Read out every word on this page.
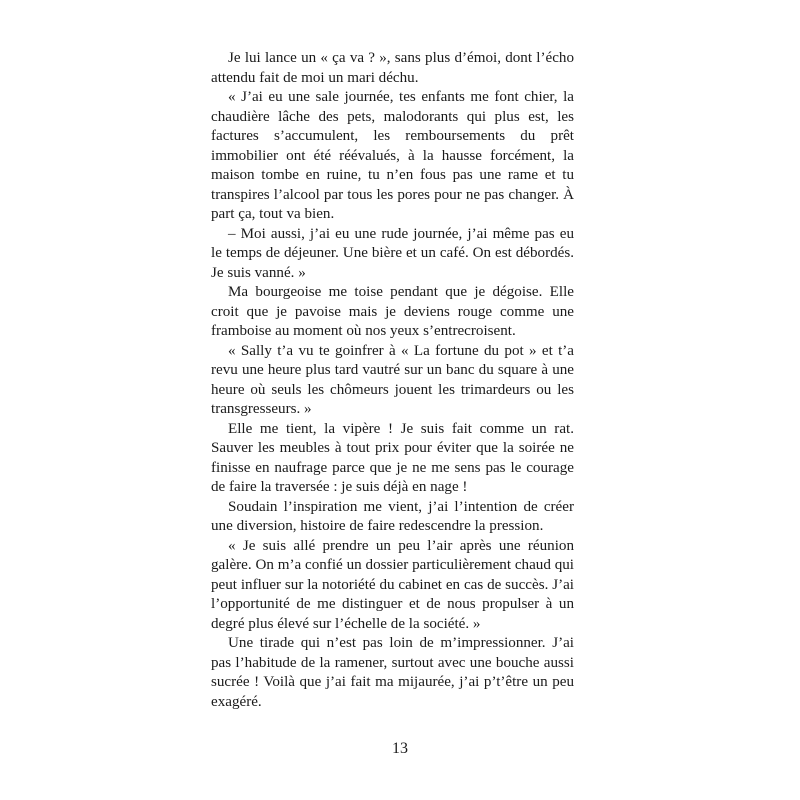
Je lui lance un « ça va ? », sans plus d’émoi, dont l’écho attendu fait de moi un mari déchu.

« J’ai eu une sale journée, tes enfants me font chier, la chaudière lâche des pets, malodorants qui plus est, les factures s’accumulent, les remboursements du prêt immobilier ont été réévalués, à la hausse forcément, la maison tombe en ruine, tu n’en fous pas une rame et tu transpires l’alcool par tous les pores pour ne pas changer. À part ça, tout va bien.

– Moi aussi, j’ai eu une rude journée, j’ai même pas eu le temps de déjeuner. Une bière et un café. On est débordés. Je suis vanné. »

Ma bourgeoise me toise pendant que je dégoise. Elle croit que je pavoise mais je deviens rouge comme une framboise au moment où nos yeux s’entrecroisent.

« Sally t’a vu te goinfrer à « La fortune du pot » et t’a revu une heure plus tard vautré sur un banc du square à une heure où seuls les chômeurs jouent les trimardeurs ou les transgresseurs. »

Elle me tient, la vipère ! Je suis fait comme un rat. Sauver les meubles à tout prix pour éviter que la soirée ne finisse en naufrage parce que je ne me sens pas le courage de faire la traversée : je suis déjà en nage !

Soudain l’inspiration me vient, j’ai l’intention de créer une diversion, histoire de faire redescendre la pression.

« Je suis allé prendre un peu l’air après une réunion galère. On m’a confié un dossier particulièrement chaud qui peut influer sur la notoriété du cabinet en cas de succès. J’ai l’opportunité de me distinguer et de nous propulser à un degré plus élevé sur l’échelle de la société. »

Une tirade qui n’est pas loin de m’impressionner. J’ai pas l’habitude de la ramener, surtout avec une bouche aussi sucrée ! Voilà que j’ai fait ma mijaurée, j’ai p’t’être un peu exagéré.

13
